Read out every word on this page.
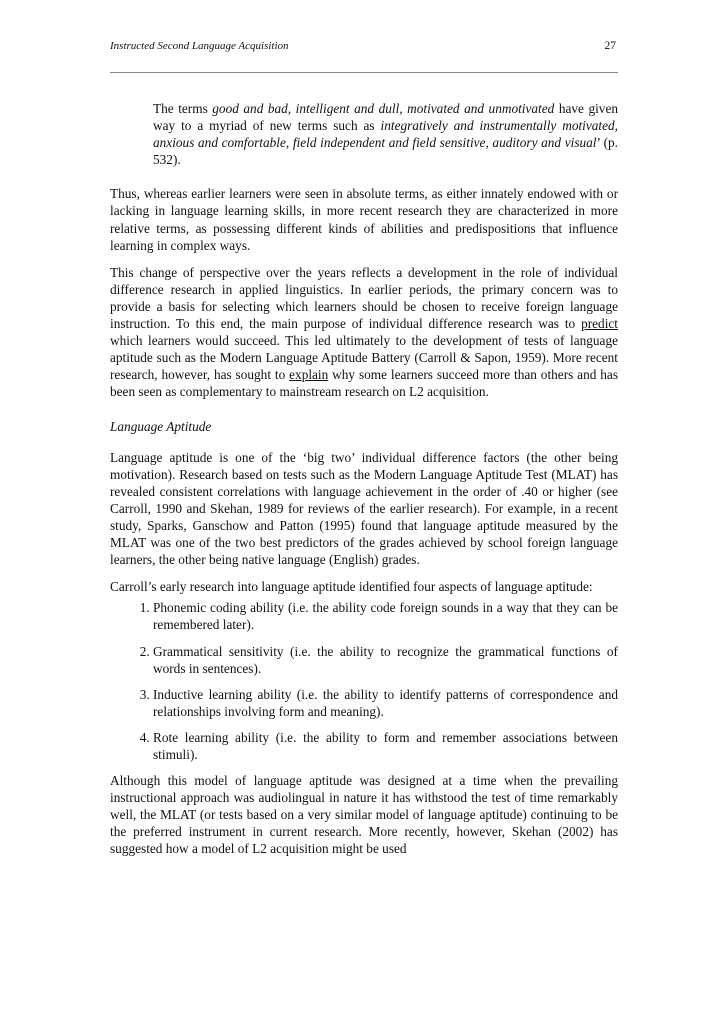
Instructed Second Language Acquisition	27

The terms good and bad, intelligent and dull, motivated and unmotivated have given way to a myriad of new terms such as integratively and instrumentally motivated, anxious and comfortable, field independent and field sensitive, auditory and visual’ (p. 532).

Thus, whereas earlier learners were seen in absolute terms, as either innately endowed with or lacking in language learning skills, in more recent research they are characterized in more relative terms, as possessing different kinds of abilities and predispositions that influence learning in complex ways.

This change of perspective over the years reflects a development in the role of individual difference research in applied linguistics. In earlier periods, the primary concern was to provide a basis for selecting which learners should be chosen to receive foreign language instruction. To this end, the main purpose of individual difference research was to predict which learners would succeed. This led ultimately to the development of tests of language aptitude such as the Modern Language Aptitude Battery (Carroll & Sapon, 1959). More recent research, however, has sought to explain why some learners succeed more than others and has been seen as complementary to mainstream research on L2 acquisition.

Language Aptitude

Language aptitude is one of the ‘big two’ individual difference factors (the other being motivation). Research based on tests such as the Modern Language Aptitude Test (MLAT) has revealed consistent correlations with language achievement in the order of .40 or higher (see Carroll, 1990 and Skehan, 1989 for reviews of the earlier research). For example, in a recent study, Sparks, Ganschow and Patton (1995) found that language aptitude measured by the MLAT was one of the two best predictors of the grades achieved by school foreign language learners, the other being native language (English) grades.

Carroll’s early research into language aptitude identified four aspects of language aptitude:

1. Phonemic coding ability (i.e. the ability code foreign sounds in a way that they can be remembered later).
2. Grammatical sensitivity (i.e. the ability to recognize the grammatical functions of words in sentences).
3. Inductive learning ability (i.e. the ability to identify patterns of correspondence and relationships involving form and meaning).
4. Rote learning ability (i.e. the ability to form and remember associations between stimuli).

Although this model of language aptitude was designed at a time when the prevailing instructional approach was audiolingual in nature it has withstood the test of time remarkably well, the MLAT (or tests based on a very similar model of language aptitude) continuing to be the preferred instrument in current research. More recently, however, Skehan (2002) has suggested how a model of L2 acquisition might be used
